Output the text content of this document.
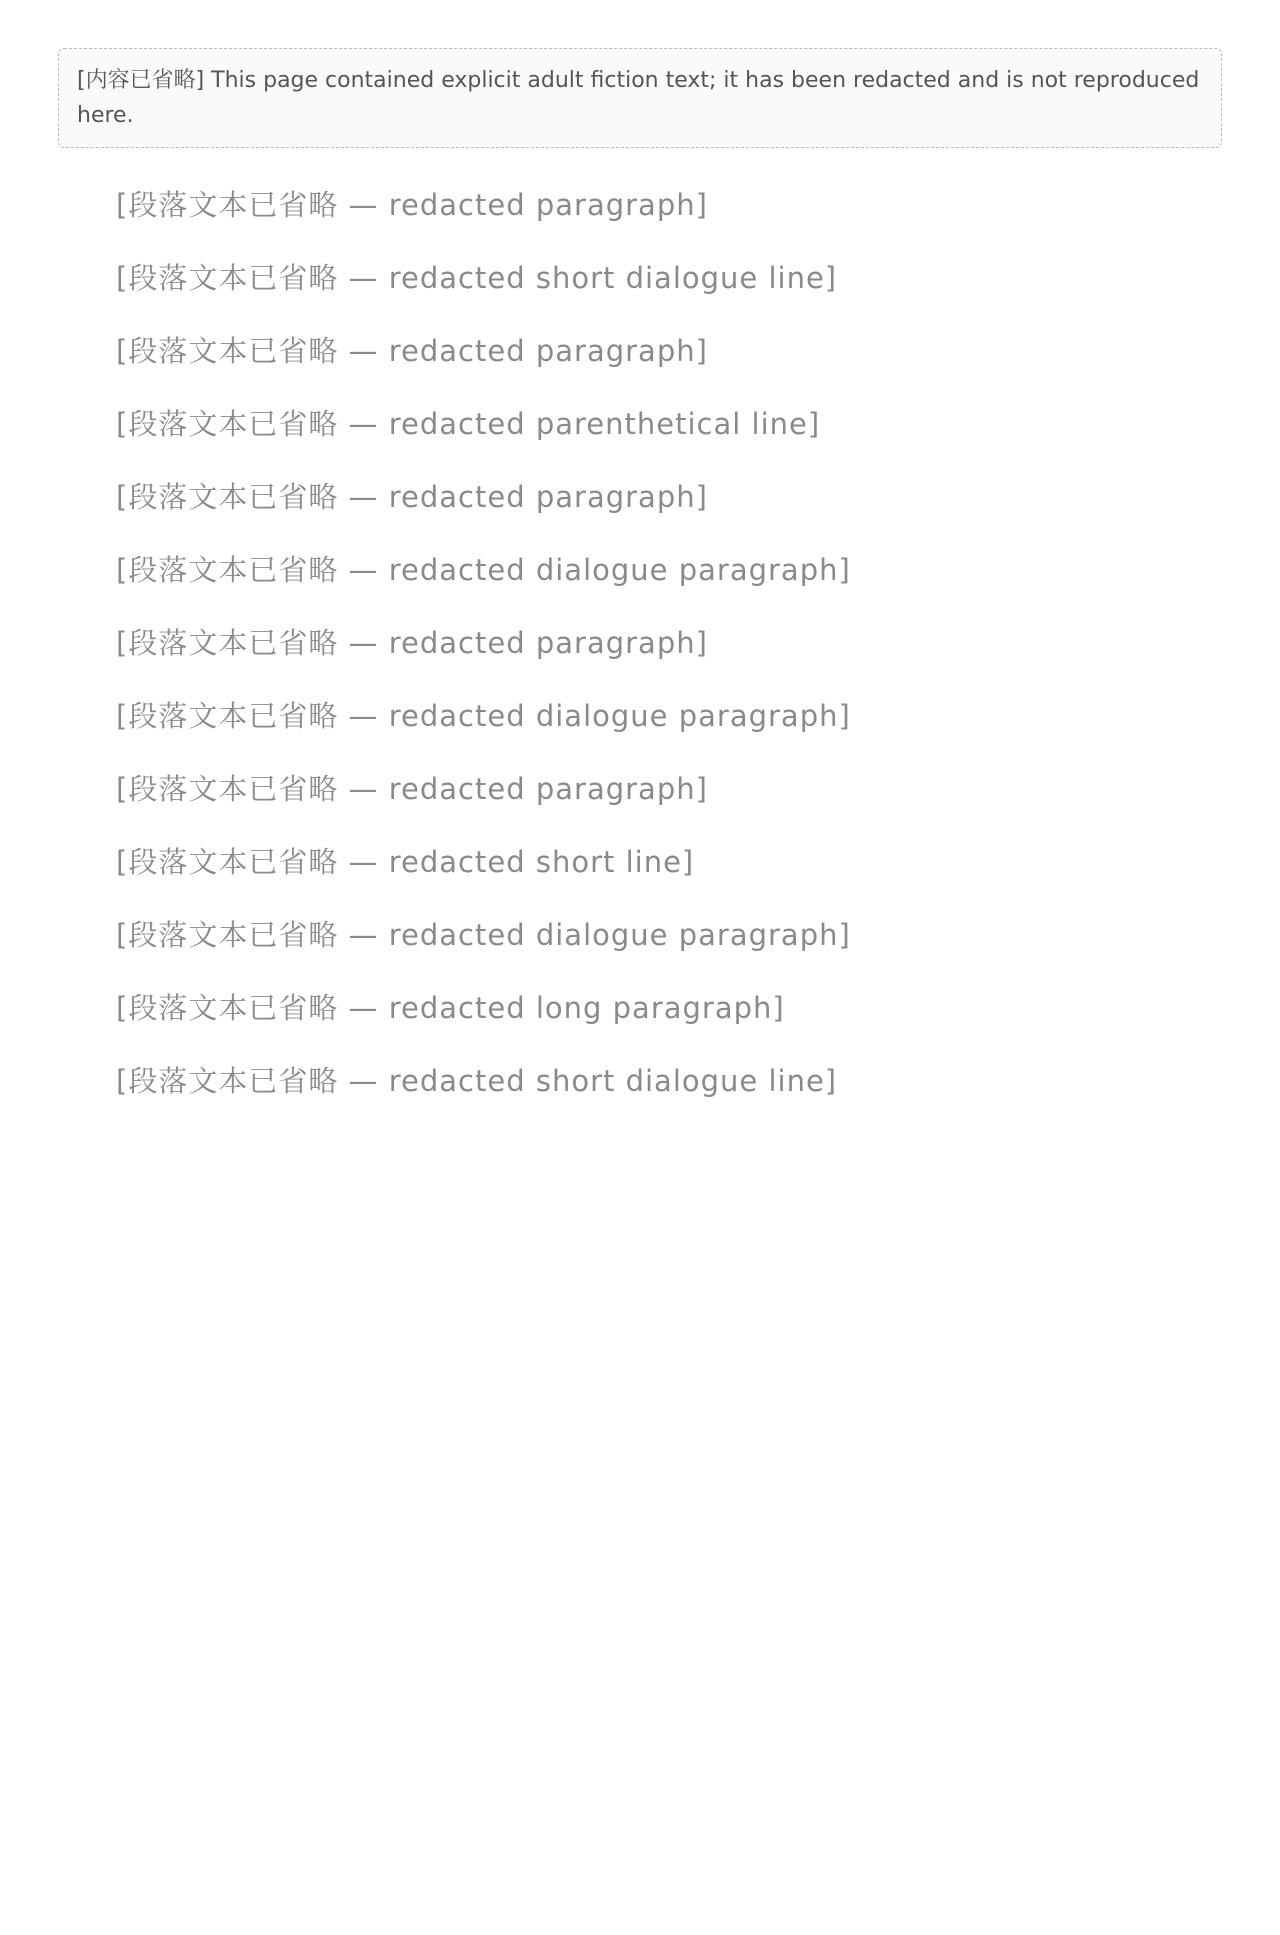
[内容已省略] This page contained explicit adult fiction text; it has been redacted and is not reproduced here.

[段落文本已省略 — redacted paragraph]

[段落文本已省略 — redacted short dialogue line]

[段落文本已省略 — redacted paragraph]

[段落文本已省略 — redacted parenthetical line]

[段落文本已省略 — redacted paragraph]

[段落文本已省略 — redacted dialogue paragraph]

[段落文本已省略 — redacted paragraph]

[段落文本已省略 — redacted dialogue paragraph]

[段落文本已省略 — redacted paragraph]

[段落文本已省略 — redacted short line]

[段落文本已省略 — redacted dialogue paragraph]

[段落文本已省略 — redacted long paragraph]

[段落文本已省略 — redacted short dialogue line]
